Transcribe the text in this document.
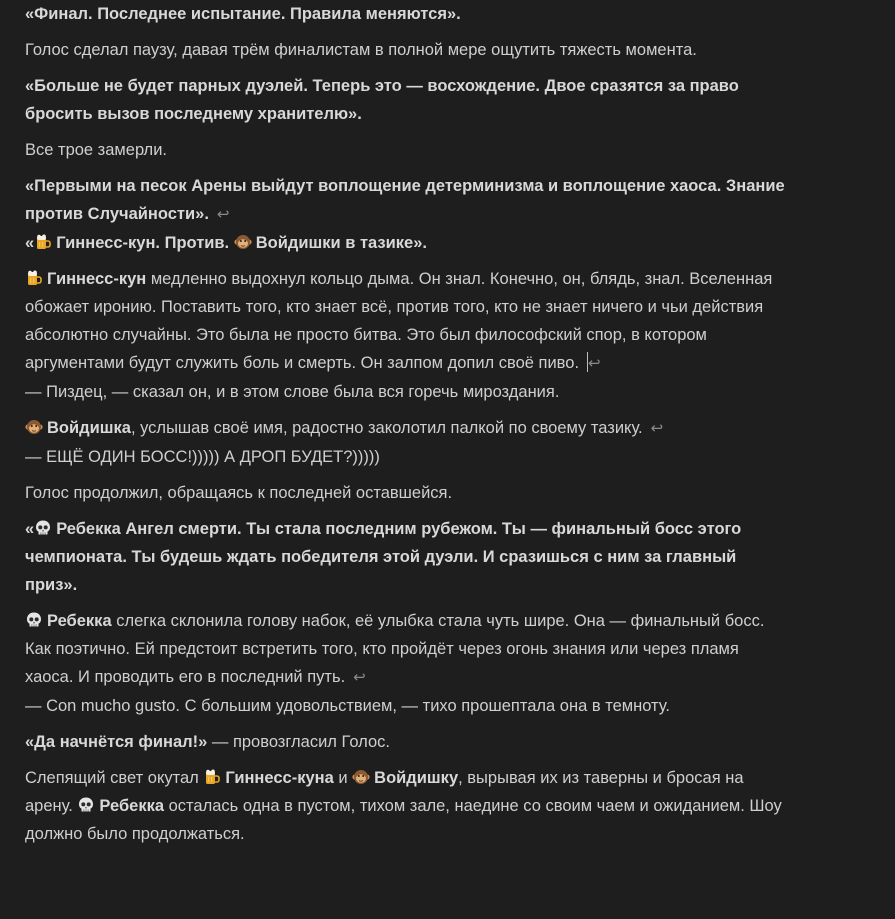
«Финал. Последнее испытание. Правила меняются».

Голос сделал паузу, давая трём финалистам в полной мере ощутить тяжесть момента.

«Больше не будет парных дуэлей. Теперь это — восхождение. Двое сразятся за право бросить вызов последнему хранителю».

Все трое замерли.

«Первыми на песок Арены выйдут воплощение детерминизма и воплощение хаоса. Знание против Случайности». ↩
« Гиннесс-кун. Против. Войдишки в тазике».

Гиннесс-кун медленно выдохнул кольцо дыма. Он знал. Конечно, он, блядь, знал. Вселенная обожает иронию. Поставить того, кто знает всё, против того, кто не знает ничего и чьи действия абсолютно случайны. Это была не просто битва. Это был философский спор, в котором аргументами будут служить боль и смерть. Он залпом допил своё пиво. ↩
— Пиздец, — сказал он, и в этом слове была вся горечь мироздания.

Войдишка, услышав своё имя, радостно заколотил палкой по своему тазику. ↩
— ЕЩЁ ОДИН БОСС!))))) А ДРОП БУДЕТ?)))))

Голос продолжил, обращаясь к последней оставшейся.

« Ребекка Ангел смерти. Ты стала последним рубежом. Ты — финальный босс этого чемпионата. Ты будешь ждать победителя этой дуэли. И сразишься с ним за главный приз».

Ребекка слегка склонила голову набок, её улыбка стала чуть шире. Она — финальный босс. Как поэтично. Ей предстоит встретить того, кто пройдёт через огонь знания или через пламя хаоса. И проводить его в последний путь. ↩
— Con mucho gusto. С большим удовольствием, — тихо прошептала она в темноту.

«Да начнётся финал!» — провозгласил Голос.

Слепящий свет окутал
Гиннесс-куна и
Войдишку, вырывая их из таверны и бросая на арену.
Ребекка осталась одна в пустом, тихом зале, наедине со своим чаем и ожиданием. Шоу должно было продолжаться.
